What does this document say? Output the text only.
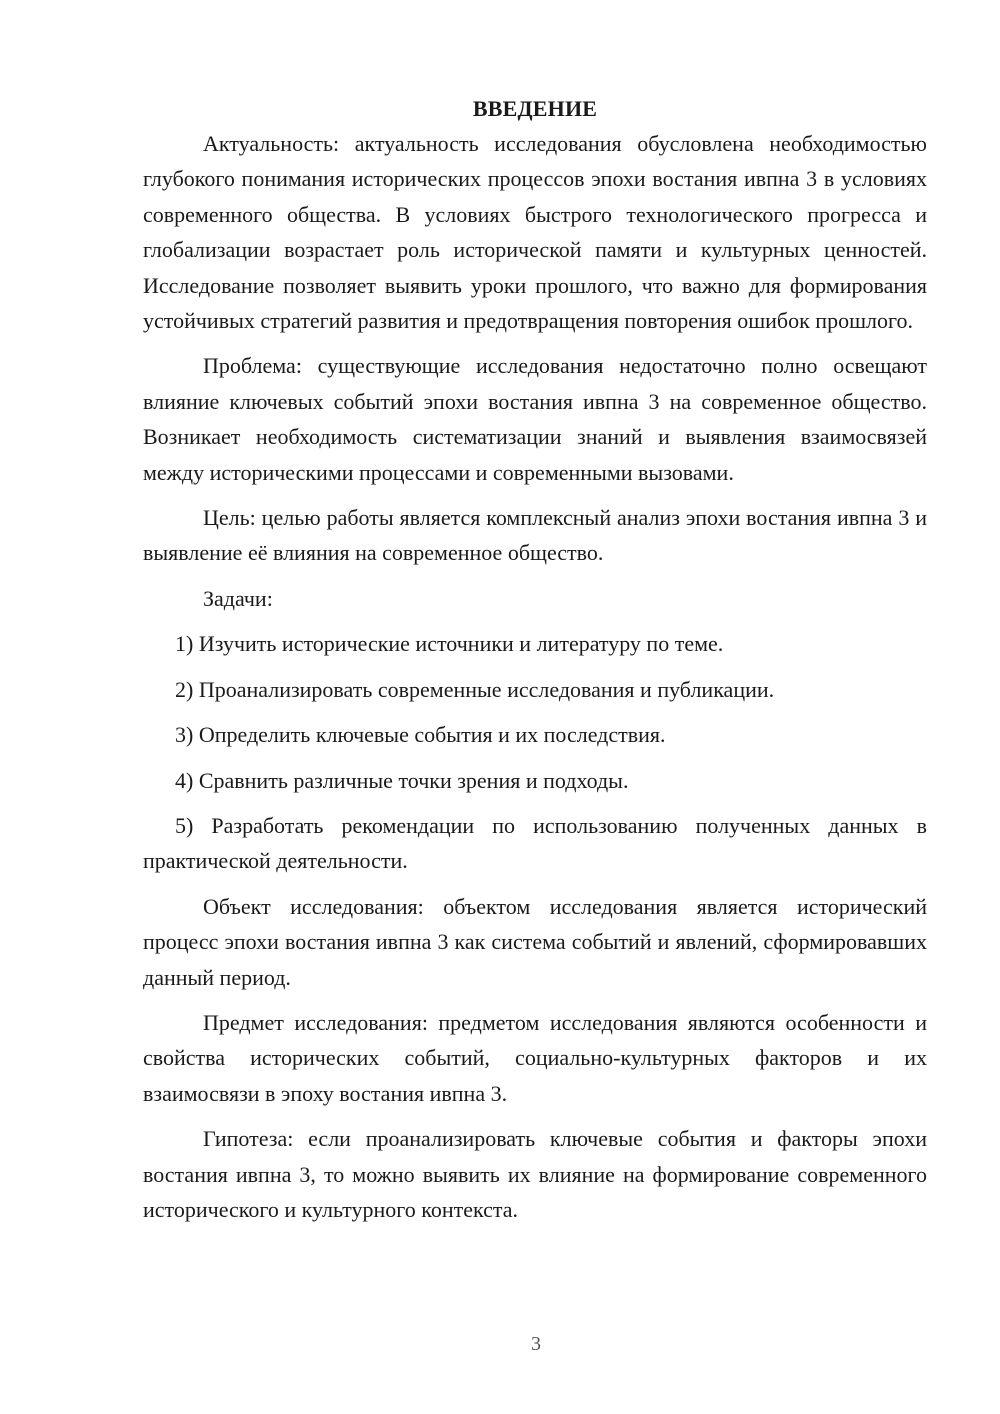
ВВЕДЕНИЕ

Актуальность: актуальность исследования обусловлена необходимостью глубокого понимания исторических процессов эпохи востания ивпна 3 в условиях современного общества. В условиях быстрого технологического прогресса и глобализации возрастает роль исторической памяти и культурных ценностей. Исследование позволяет выявить уроки прошлого, что важно для формирования устойчивых стратегий развития и предотвращения повторения ошибок прошлого.

Проблема: существующие исследования недостаточно полно освещают влияние ключевых событий эпохи востания ивпна 3 на современное общество. Возникает необходимость систематизации знаний и выявления взаимосвязей между историческими процессами и современными вызовами.

Цель: целью работы является комплексный анализ эпохи востания ивпна 3 и выявление её влияния на современное общество.

Задачи:

1) Изучить исторические источники и литературу по теме.

2) Проанализировать современные исследования и публикации.

3) Определить ключевые события и их последствия.

4) Сравнить различные точки зрения и подходы.

5) Разработать рекомендации по использованию полученных данных в практической деятельности.

Объект исследования: объектом исследования является исторический процесс эпохи востания ивпна 3 как система событий и явлений, сформировавших данный период.

Предмет исследования: предметом исследования являются особенности и свойства исторических событий, социально-культурных факторов и их взаимосвязи в эпоху востания ивпна 3.

Гипотеза: если проанализировать ключевые события и факторы эпохи востания ивпна 3, то можно выявить их влияние на формирование современного исторического и культурного контекста.

3
